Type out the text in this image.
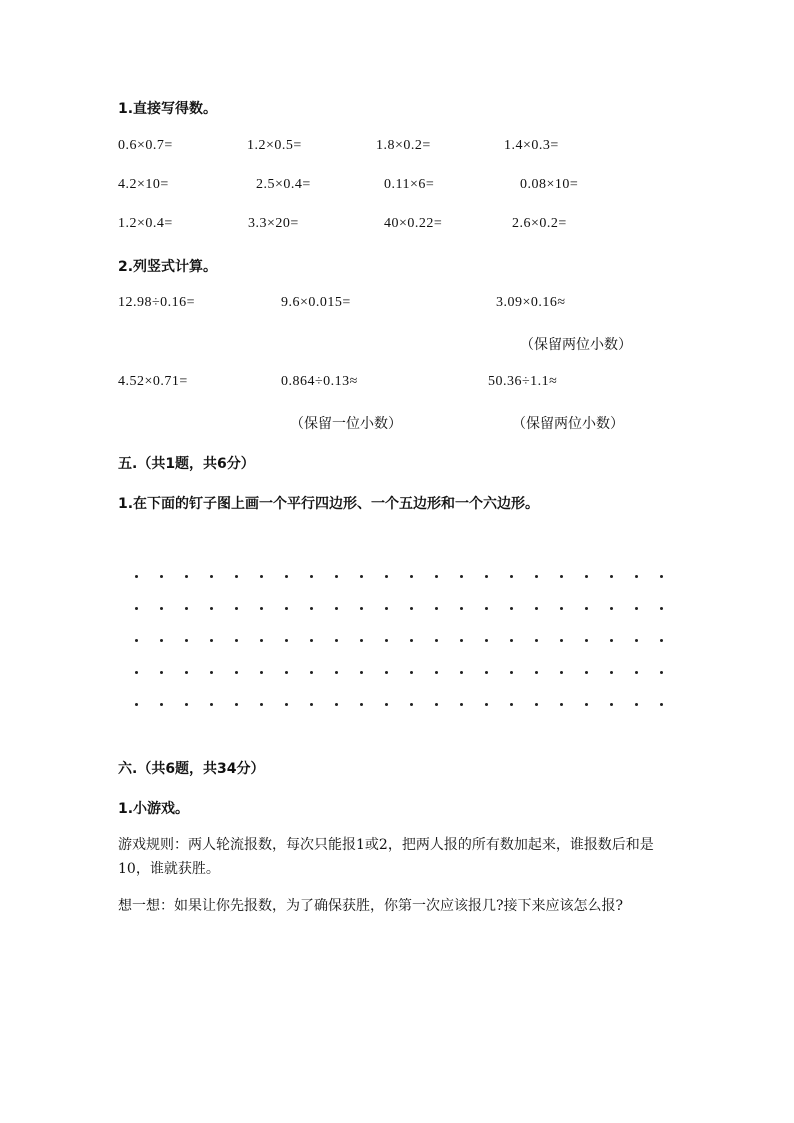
1.直接写得数。
0.6×0.7=	1.2×0.5=	1.8×0.2=	1.4×0.3=
4.2×10=	2.5×0.4=	0.11×6=	0.08×10=
1.2×0.4=	3.3×20=	40×0.22=	2.6×0.2=
2.列竖式计算。
12.98÷0.16=	9.6×0.015=	3.09×0.16≈
（保留两位小数）
4.52×0.71=	0.864÷0.13≈	50.36÷1.1≈
（保留一位小数）	（保留两位小数）
五.（共1题，共6分）
1.在下面的钉子图上画一个平行四边形、一个五边形和一个六边形。
六.（共6题，共34分）
1.小游戏。
游戏规则：两人轮流报数，每次只能报1或2，把两人报的所有数加起来，谁报数后和是10，谁就获胜。
想一想：如果让你先报数，为了确保获胜，你第一次应该报几?接下来应该怎么报?
